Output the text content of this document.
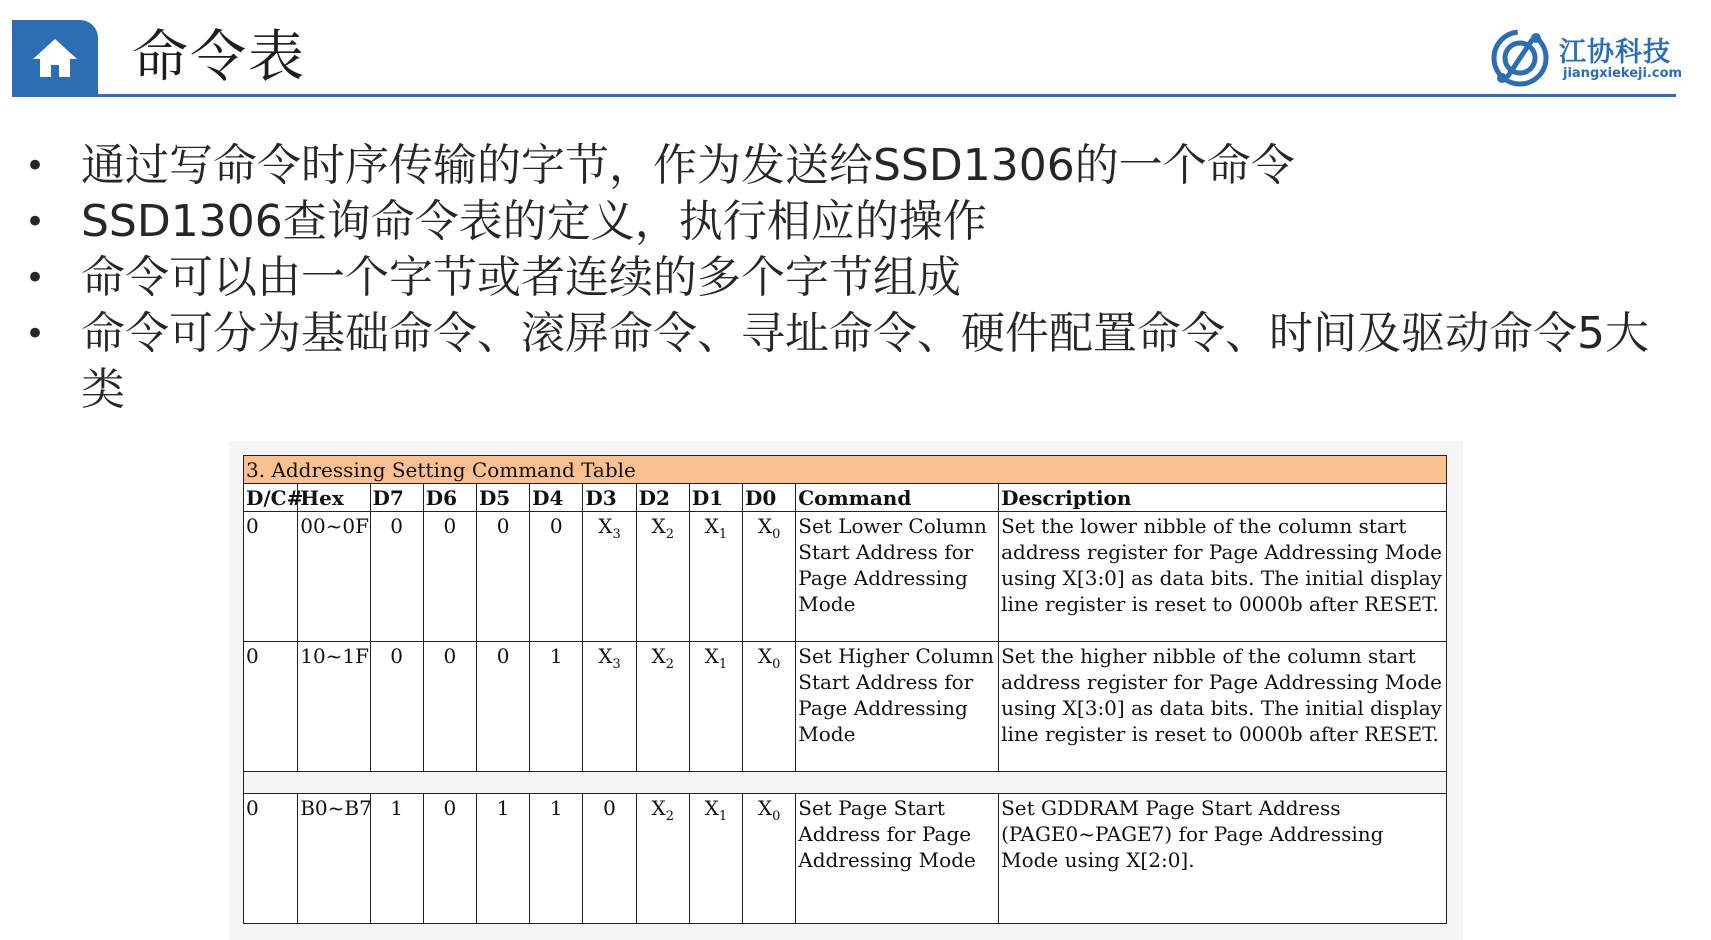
命令表	江协科技
jiangxiekeji.com
• 通过写命令时序传输的字节，作为发送给SSD1306的一个命令
• SSD1306查询命令表的定义，执行相应的操作
• 命令可以由一个字节或者连续的多个字节组成
• 命令可分为基础命令、滚屏命令、寻址命令、硬件配置命令、时间及驱动命令5大类
3. Addressing Setting Command Table											
D/C#	Hex	D7	D6	D5	D4	D3	D2	D1	D0	Command	Description
0	00~0F	0	0	0	0	$X_3$	$X_2$	$X_1$	$X_0$	Set Lower Column Start Address for Page Addressing Mode	Set the lower nibble of the column start address register for Page Addressing Mode using X[3:0] as data bits. The initial display line register is reset to 0000b after RESET.
0	10~1F	0	0	0	1	$X_3$	$X_2$	$X_1$	$X_0$	Set Higher Column Start Address for Page Addressing Mode	Set the higher nibble of the column start address register for Page Addressing Mode using X[3:0] as data bits. The initial display line register is reset to 0000b after RESET.

0	B0~B7	1	0	1	1	0	$X_2$	$X_1$	$X_0$	Set Page Start Address for Page Addressing Mode	Set GDDRAM Page Start Address (PAGE0~PAGE7) for Page Addressing Mode using X[2:0].
